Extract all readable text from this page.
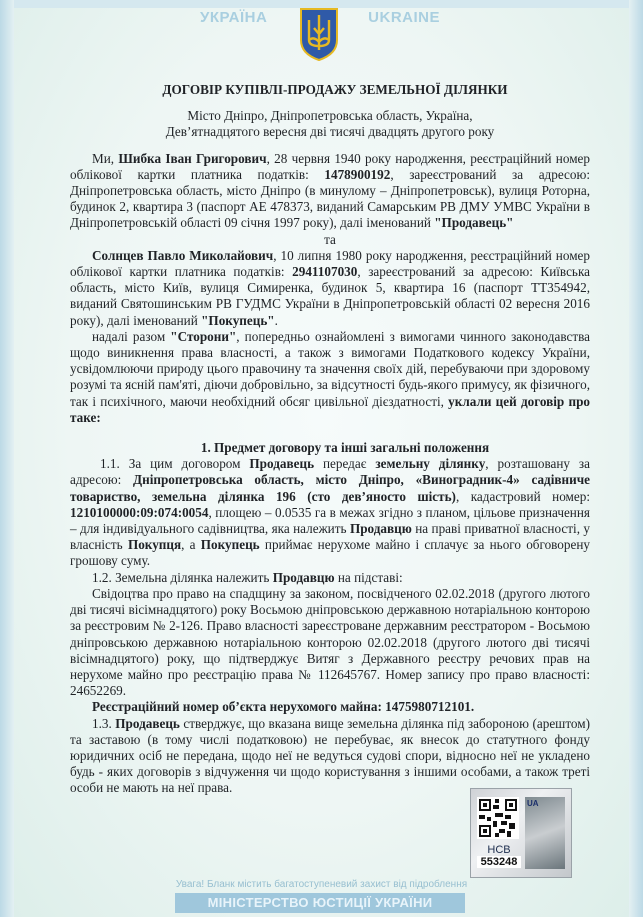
УКРАЇНА	UKRAINE

ДОГОВІР КУПІВЛІ-ПРОДАЖУ ЗЕМЕЛЬНОЇ ДІЛЯНКИ

Місто Дніпро, Дніпропетровська область, Україна,

Дев’ятнадцятого вересня дві тисячі двадцять другого року

Ми, Шибка Іван Григорович, 28 червня 1940 року народження, реєстраційний номер облікової картки платника податків: 1478900192, зареєстрований за адресою: Дніпропетровська область, місто Дніпро (в минулому – Дніпропетровськ), вулиця Роторна, будинок 2, квартира 3 (паспорт АЕ 478373, виданий Самарським РВ ДМУ УМВС України в Дніпропетровській області 09 січня 1997 року), далі іменований "Продавець"

та

Солнцев Павло Миколайович, 10 липня 1980 року народження, реєстраційний номер облікової картки платника податків: 2941107030, зареєстрований за адресою: Київська область, місто Київ, вулиця Симиренка, будинок 5, квартира 16 (паспорт ТТ354942, виданий Святошинським РВ ГУДМС України в Дніпропетровській області 02 вересня 2016 року), далі іменований "Покупець".

надалі разом "Сторони", попередньо ознайомлені з вимогами чинного законодавства щодо виникнення права власності, а також з вимогами Податкового кодексу України, усвідомлюючи природу цього правочину та значення своїх дій, перебуваючи при здоровому розумі та ясній пам'яті, діючи добровільно, за відсутності будь-якого примусу, як фізичного, так і психічного, маючи необхідний обсяг цивільної дієздатності, уклали цей договір про таке:

1. Предмет договору та інші загальні положення

1.1. За цим договором Продавець передає земельну ділянку, розташовану за адресою: Дніпропетровська область, місто Дніпро, «Виноградник-4» садівниче товариство, земельна ділянка 196 (сто дев’яносто шість), кадастровий номер: 1210100000:09:074:0054, площею – 0.0535 га в межах згідно з планом, цільове призначення – для індивідуального садівництва, яка належить Продавцю на праві приватної власності, у власність Покупця, а Покупець приймає нерухоме майно і сплачує за нього обговорену грошову суму.

1.2. Земельна ділянка належить Продавцю на підставі:

Свідоцтва про право на спадщину за законом, посвідченого 02.02.2018 (другого лютого дві тисячі вісімнадцятого) року Восьмою дніпровською державною нотаріальною конторою за реєстровим № 2-126. Право власності зареєстроване державним реєстратором - Восьмою дніпровською державною нотаріальною конторою 02.02.2018 (другого лютого дві тисячі вісімнадцятого) року, що підтверджує Витяг з Державного реєстру речових прав на нерухоме майно про реєстрацію права № 112645767. Номер запису про право власності: 24652269.

Реєстраційний номер об’єкта нерухомого майна: 1475980712101.

1.3. Продавець стверджує, що вказана вище земельна ділянка під забороною (арештом) та заставою (в тому числі податковою) не перебуває, як внесок до статутного фонду юридичних осіб не передана, щодо неї не ведуться судові спори, відносно неї не укладено будь - яких договорів з відчуження чи щодо користування з іншими особами, а також треті особи не мають на неї права.

НСВ
553248
UA
Увага! Бланк містить багатоступеневий захист від підроблення
МІНІСТЕРСТВО ЮСТИЦІЇ УКРАЇНИ
